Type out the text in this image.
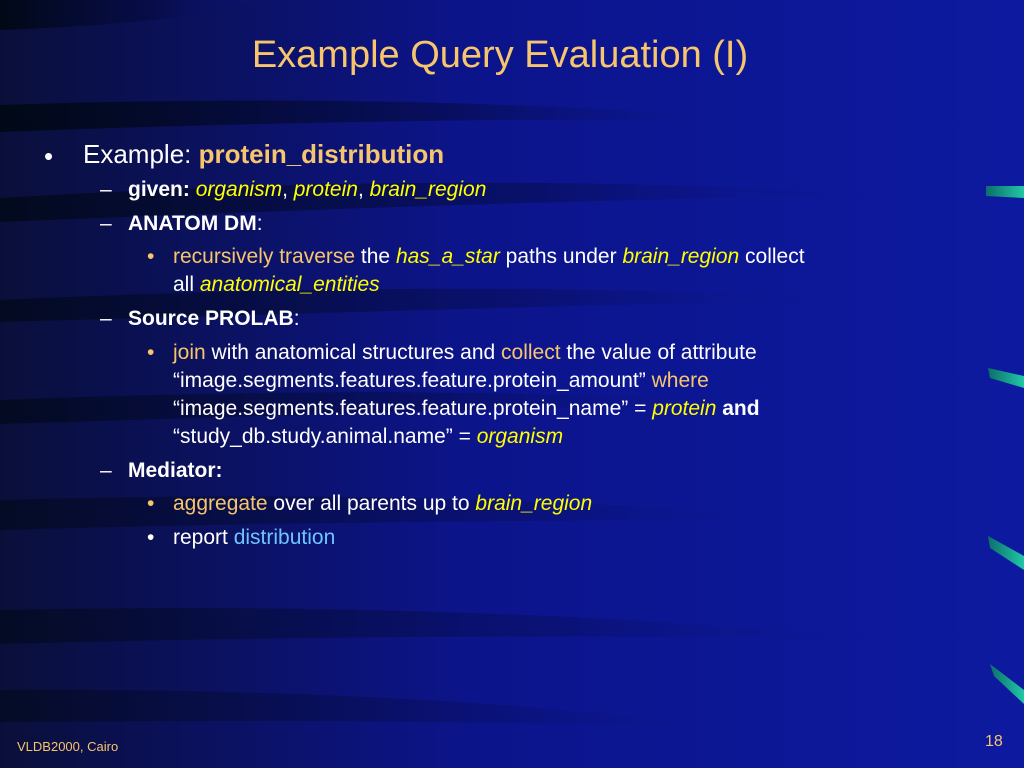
Example Query Evaluation (I)
• Example: protein_distribution
– given: organism, protein, brain_region
– ANATOM DM:
• recursively traverse the has_a_star paths under brain_region collect
all anatomical_entities
– Source PROLAB:
• join with anatomical structures and collect the value of attribute
“image.segments.features.feature.protein_amount” where
“image.segments.features.feature.protein_name” = protein and
“study_db.study.animal.name” = organism
– Mediator:
• aggregate over all parents up to brain_region
• report distribution
VLDB2000, Cairo	18
